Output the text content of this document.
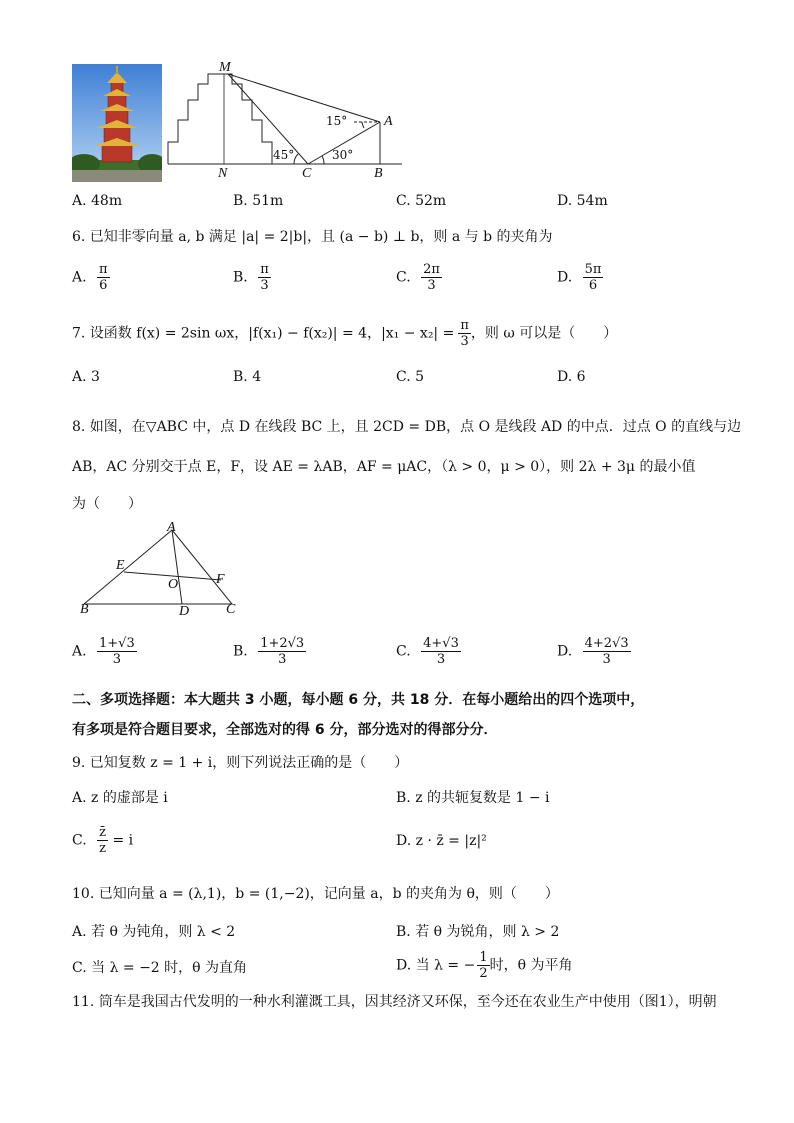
M
A
15°
45°	30°
N	C	B
A. 48m	B. 51m	C. 52m	D. 54m
6. 已知非零向量 a, b 满足 |a| = 2|b|，且 (a − b) ⊥ b，则 a 与 b 的夹角为
A. $\frac{\pi}{6}$	B. $\frac{\pi}{3}$	C. $\frac{2\pi}{3}$	D. $\frac{5\pi}{6}$
7. 设函数 f(x) = 2sin ωx，|f(x₁) − f(x₂)| = 4，$|x_1 - x_2| = \frac{\pi}{3}$ ，则 ω 可以是（　　）
A. 3	B. 4	C. 5	D. 6
8. 如图，在▽ABC 中，点 D 在线段 BC 上，且 2CD = DB，点 O 是线段 AD 的中点．过点 O 的直线与边
AB，AC 分别交于点 E，F，设 AE = λAB，AF = μAC，（λ > 0，μ > 0），则 2λ + 3μ 的最小值
为（　　）
A
E
O	F
B	D	C
A. $\frac{1+√3}{3}$	B. $\frac{1+2√3}{3}$	C. $\frac{4+√3}{3}$	D. $\frac{4+2√3}{3}$
二、多项选择题：本大题共 3 小题，每小题 6 分，共 18 分．在每小题给出的四个选项中，
有多项是符合题目要求，全部选对的得 6 分，部分选对的得部分分．
9. 已知复数 z = 1 + i，则下列说法正确的是（　　）
A. z 的虚部是 i	B. z 的共轭复数是 1 − i
C. $\frac{z̄}{z} = i$	D. z · z̄ = |z|²
10. 已知向量 a = (λ,1)，b = (1,−2)，记向量 a，b 的夹角为 θ，则（　　）
A. 若 θ 为钝角，则 λ < 2	B. 若 θ 为锐角，则 λ > 2
C. 当 λ = −2 时，θ 为直角	D. 当 λ = − $\frac{1}{2}$ 时，θ 为平角
11. 筒车是我国古代发明的一种水利灌溉工具，因其经济又环保，至今还在农业生产中使用（图1），明朝
